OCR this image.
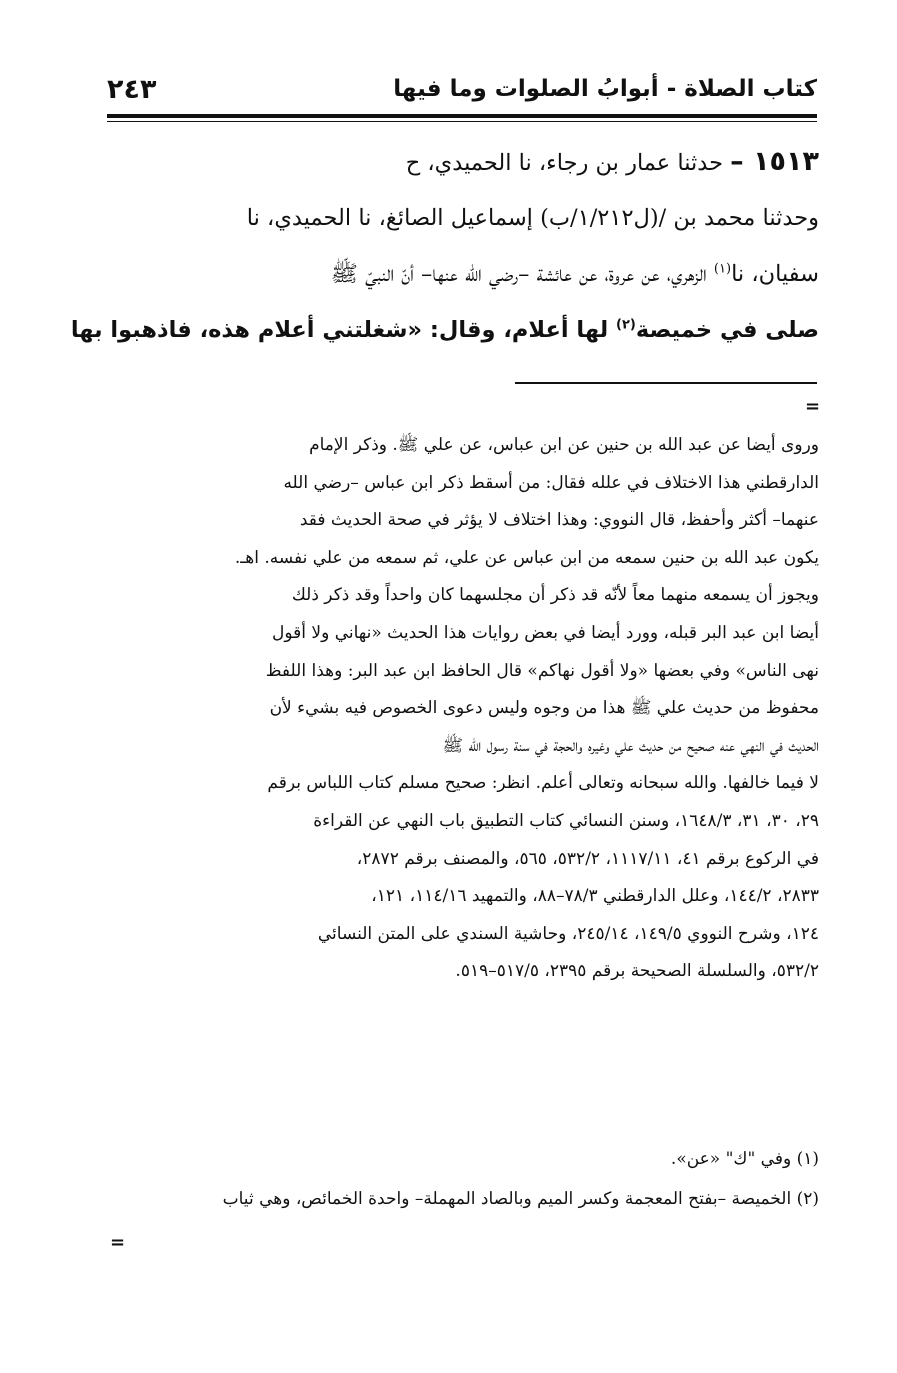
كتاب الصلاة - أبوابُ الصلوات وما فيها
٢٤٣
١٥١٣ – حدثنا عمار بن رجاء، نا الحميدي، ح
وحدثنا محمد بن /(ل١/٢١٢/ب) إسماعيل الصائغ، نا الحميدي، نا
سفيان، نا$^{(١)}$ الزهري، عن عروة، عن عائشة –رضي الله عنها– أنّ النبيّ ﷺ
صلى في خميصة$^{(٢)}$ لها أعلام، وقال: «شغلتني أعلام هذه، فاذهبوا بها
=
وروى أيضا عن عبد الله بن حنين عن ابن عباس، عن علي ﷺ. وذكر الإمام
الدارقطني هذا الاختلاف في علله فقال: من أسقط ذكر ابن عباس –رضي الله
عنهما– أكثر وأحفظ، قال النووي: وهذا اختلاف لا يؤثر في صحة الحديث فقد
يكون عبد الله بن حنين سمعه من ابن عباس عن علي، ثم سمعه من علي نفسه. اهـ.
ويجوز أن يسمعه منهما معاً لأنّه قد ذكر أن مجلسهما كان واحداً وقد ذكر ذلك
أيضا ابن عبد البر قبله، وورد أيضا في بعض روايات هذا الحديث «نهاني ولا أقول
نهى الناس» وفي بعضها «ولا أقول نهاكم» قال الحافظ ابن عبد البر: وهذا اللفظ
محفوظ من حديث علي ﷺ هذا من وجوه وليس دعوى الخصوص فيه بشيء لأن
الحديث في النهي عنه صحيح من حديث علي وغيره والحجة في سنة رسول الله ﷺ
لا فيما خالفها. والله سبحانه وتعالى أعلم. انظر: صحيح مسلم كتاب اللباس برقم
٢٩، ٣٠، ٣١، ١٦٤٨/٣، وسنن النسائي كتاب التطبيق باب النهي عن القراءة
في الركوع برقم ٤١، ١١١٧/١١، ٥٣٢/٢، ٥٦٥، والمصنف برقم ٢٨٧٢،
٢٨٣٣، ١٤٤/٢، وعلل الدارقطني ٧٨/٣–٨٨، والتمهيد ١١٤/١٦، ١٢١،
١٢٤، وشرح النووي ١٤٩/٥، ٢٤٥/١٤، وحاشية السندي على المتن النسائي
٥٣٢/٢، والسلسلة الصحيحة برقم ٢٣٩٥، ٥١٧/٥–٥١٩.
(١) وفي "ك" «عن».
(٢) الخميصة –بفتح المعجمة وكسر الميم وبالصاد المهملة– واحدة الخمائص، وهي ثياب
=
